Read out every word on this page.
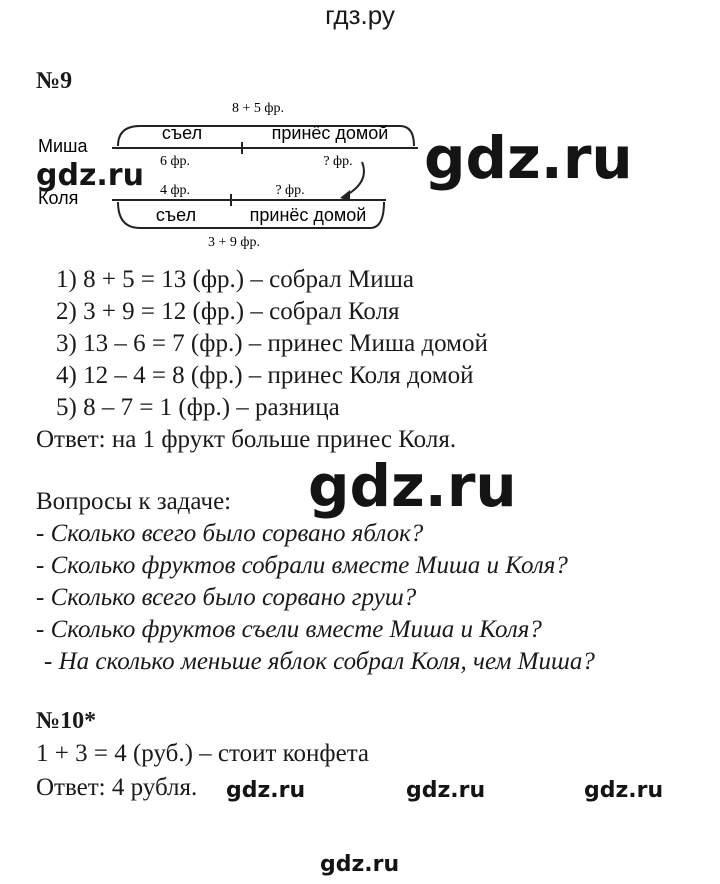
гдз.ру
№9
8 + 5 фр.
Миша
съел	принёс домой
6 фр.	? фр.
Коля	4 фр.	? фр.
съел	принёс домой
3 + 9 фр.
gdz.ru	gdz.ru
1) 8 + 5 = 13 (фр.) – собрал Миша
2) 3 + 9 = 12 (фр.) – собрал Коля
3) 13 – 6 = 7 (фр.) – принес Миша домой
4) 12 – 4 = 8 (фр.) – принес Коля домой
5) 8 – 7 = 1 (фр.) – разница
Ответ: на 1 фрукт больше принес Коля.
gdz.ru
Вопросы к задаче:
- Сколько всего было сорвано яблок?
- Сколько фруктов собрали вместе Миша и Коля?
- Сколько всего было сорвано груш?
- Сколько фруктов съели вместе Миша и Коля?
- На сколько меньше яблок собрал Коля, чем Миша?
№10*
1 + 3 = 4 (руб.) – стоит конфета
Ответ: 4 рубля. gdz.ru	gdz.ru	gdz.ru
gdz.ru
